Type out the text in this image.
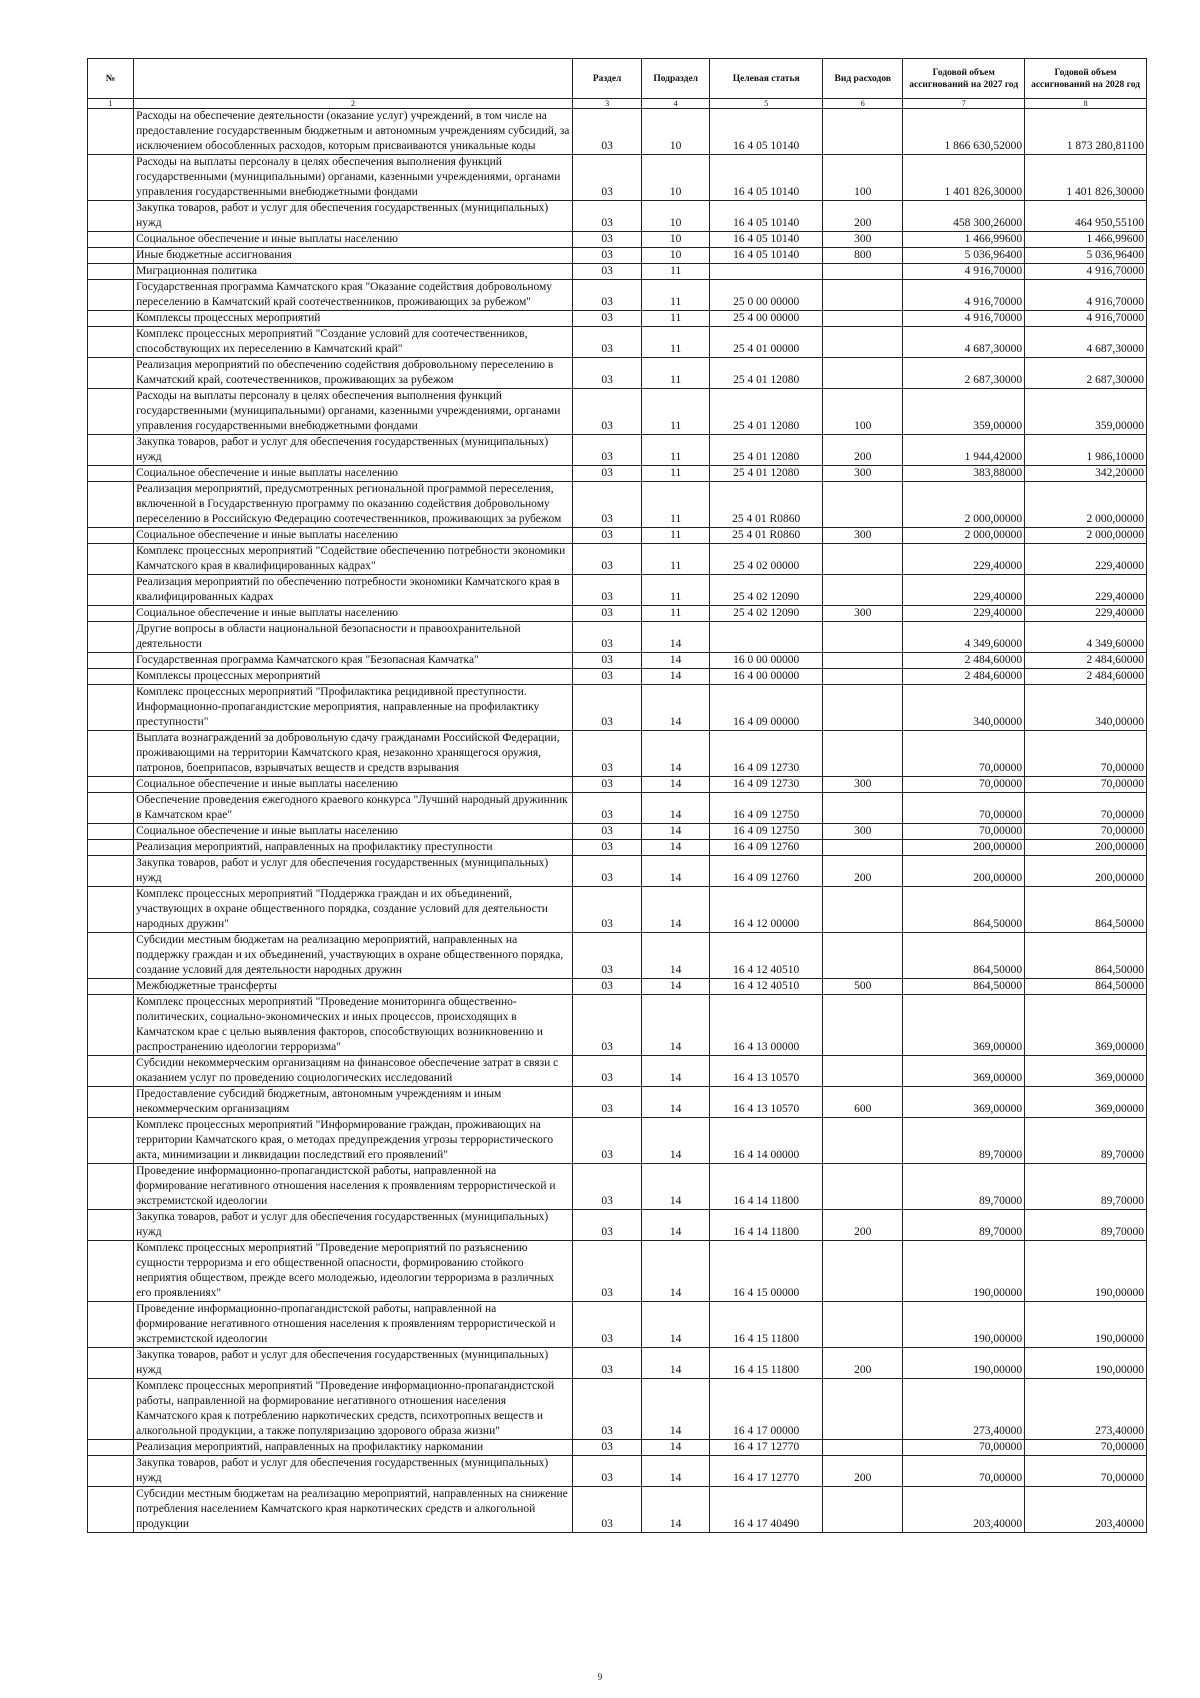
№		Раздел	Подраздел	Целевая статья	Вид расходов	Годовой объем ассигнований на 2027 год	Годовой объем ассигнований на 2028 год
1	2	3	4	5	6	7	8
	Расходы на обеспечение деятельности (оказание услуг) учреждений, в том числе на предоставление государственным бюджетным и автономным учреждениям субсидий, за исключением обособленных расходов, которым присваиваются уникальные коды	03	10	16 4 05 10140		1 866 630,52000	1 873 280,81100
	Расходы на выплаты персоналу в целях обеспечения выполнения функций государственными (муниципальными) органами, казенными учреждениями, органами управления государственными внебюджетными фондами	03	10	16 4 05 10140	100	1 401 826,30000	1 401 826,30000
	Закупка товаров, работ и услуг для обеспечения государственных (муниципальных) нужд	03	10	16 4 05 10140	200	458 300,26000	464 950,55100
	Социальное обеспечение и иные выплаты населению	03	10	16 4 05 10140	300	1 466,99600	1 466,99600
	Иные бюджетные ассигнования	03	10	16 4 05 10140	800	5 036,96400	5 036,96400
	Миграционная политика	03	11			4 916,70000	4 916,70000
	Государственная программа Камчатского края "Оказание содействия добровольному переселению в Камчатский край соотечественников, проживающих за рубежом"	03	11	25 0 00 00000		4 916,70000	4 916,70000
	Комплексы процессных мероприятий	03	11	25 4 00 00000		4 916,70000	4 916,70000
	Комплекс процессных мероприятий "Создание условий для соотечественников, способствующих их переселению в Камчатский край"	03	11	25 4 01 00000		4 687,30000	4 687,30000
	Реализация мероприятий по обеспечению содействия добровольному переселению в Камчатский край, соотечественников, проживающих за рубежом	03	11	25 4 01 12080		2 687,30000	2 687,30000
	Расходы на выплаты персоналу в целях обеспечения выполнения функций государственными (муниципальными) органами, казенными учреждениями, органами управления государственными внебюджетными фондами	03	11	25 4 01 12080	100	359,00000	359,00000
	Закупка товаров, работ и услуг для обеспечения государственных (муниципальных) нужд	03	11	25 4 01 12080	200	1 944,42000	1 986,10000
	Социальное обеспечение и иные выплаты населению	03	11	25 4 01 12080	300	383,88000	342,20000
	Реализация мероприятий, предусмотренных региональной программой переселения, включенной в Государственную программу по оказанию содействия добровольному переселению в Российскую Федерацию соотечественников, проживающих за рубежом	03	11	25 4 01 R0860		2 000,00000	2 000,00000
	Социальное обеспечение и иные выплаты населению	03	11	25 4 01 R0860	300	2 000,00000	2 000,00000
	Комплекс процессных мероприятий "Содействие обеспечению потребности экономики Камчатского края в квалифицированных кадрах"	03	11	25 4 02 00000		229,40000	229,40000
	Реализация мероприятий по обеспечению потребности экономики Камчатского края в квалифицированных кадрах	03	11	25 4 02 12090		229,40000	229,40000
	Социальное обеспечение и иные выплаты населению	03	11	25 4 02 12090	300	229,40000	229,40000
	Другие вопросы в области национальной безопасности и правоохранительной деятельности	03	14			4 349,60000	4 349,60000
	Государственная программа Камчатского края "Безопасная Камчатка"	03	14	16 0 00 00000		2 484,60000	2 484,60000
	Комплексы процессных мероприятий	03	14	16 4 00 00000		2 484,60000	2 484,60000
	Комплекс процессных мероприятий "Профилактика рецидивной преступности. Информационно-пропагандистские мероприятия, направленные на профилактику преступности"	03	14	16 4 09 00000		340,00000	340,00000
	Выплата вознаграждений за добровольную сдачу гражданами Российской Федерации, проживающими на территории Камчатского края, незаконно хранящегося оружия, патронов, боеприпасов, взрывчатых веществ и средств взрывания	03	14	16 4 09 12730		70,00000	70,00000
	Социальное обеспечение и иные выплаты населению	03	14	16 4 09 12730	300	70,00000	70,00000
	Обеспечение проведения ежегодного краевого конкурса "Лучший народный дружинник в Камчатском крае"	03	14	16 4 09 12750		70,00000	70,00000
	Социальное обеспечение и иные выплаты населению	03	14	16 4 09 12750	300	70,00000	70,00000
	Реализация мероприятий, направленных на профилактику преступности	03	14	16 4 09 12760		200,00000	200,00000
	Закупка товаров, работ и услуг для обеспечения государственных (муниципальных) нужд	03	14	16 4 09 12760	200	200,00000	200,00000
	Комплекс процессных мероприятий "Поддержка граждан и их объединений, участвующих в охране общественного порядка, создание условий для деятельности народных дружин"	03	14	16 4 12 00000		864,50000	864,50000
	Субсидии местным бюджетам на реализацию мероприятий, направленных на поддержку граждан и их объединений, участвующих в охране общественного порядка, создание условий для деятельности народных дружин	03	14	16 4 12 40510		864,50000	864,50000
	Межбюджетные трансферты	03	14	16 4 12 40510	500	864,50000	864,50000
	Комплекс процессных мероприятий "Проведение мониторинга общественно-политических, социально-экономических и иных процессов, происходящих в Камчатском крае с целью выявления факторов, способствующих возникновению и распространению идеологии терроризма"	03	14	16 4 13 00000		369,00000	369,00000
	Субсидии некоммерческим организациям на финансовое обеспечение затрат в связи с оказанием услуг по проведению социологических исследований	03	14	16 4 13 10570		369,00000	369,00000
	Предоставление субсидий бюджетным, автономным учреждениям и иным некоммерческим организациям	03	14	16 4 13 10570	600	369,00000	369,00000
	Комплекс процессных мероприятий "Информирование граждан, проживающих на территории Камчатского края, о методах предупреждения угрозы террористического акта, минимизации и ликвидации последствий его проявлений"	03	14	16 4 14 00000		89,70000	89,70000
	Проведение информационно-пропагандистской работы, направленной на формирование негативного отношения населения к проявлениям террористической и экстремистской идеологии	03	14	16 4 14 11800		89,70000	89,70000
	Закупка товаров, работ и услуг для обеспечения государственных (муниципальных) нужд	03	14	16 4 14 11800	200	89,70000	89,70000
	Комплекс процессных мероприятий "Проведение мероприятий по разъяснению сущности терроризма и его общественной опасности, формированию стойкого неприятия обществом, прежде всего молодежью, идеологии терроризма в различных его проявлениях"	03	14	16 4 15 00000		190,00000	190,00000
	Проведение информационно-пропагандистской работы, направленной на формирование негативного отношения населения к проявлениям террористической и экстремистской идеологии	03	14	16 4 15 11800		190,00000	190,00000
	Закупка товаров, работ и услуг для обеспечения государственных (муниципальных) нужд	03	14	16 4 15 11800	200	190,00000	190,00000
	Комплекс процессных мероприятий "Проведение информационно-пропагандистской работы, направленной на формирование негативного отношения населения Камчатского края к потреблению наркотических средств, психотропных веществ и алкогольной продукции, а также популяризацию здорового образа жизни"	03	14	16 4 17 00000		273,40000	273,40000
	Реализация мероприятий, направленных на профилактику наркомании	03	14	16 4 17 12770		70,00000	70,00000
	Закупка товаров, работ и услуг для обеспечения государственных (муниципальных) нужд	03	14	16 4 17 12770	200	70,00000	70,00000
	Субсидии местным бюджетам на реализацию мероприятий, направленных на снижение потребления населением Камчатского края наркотических средств и алкогольной продукции	03	14	16 4 17 40490		203,40000	203,40000
9
